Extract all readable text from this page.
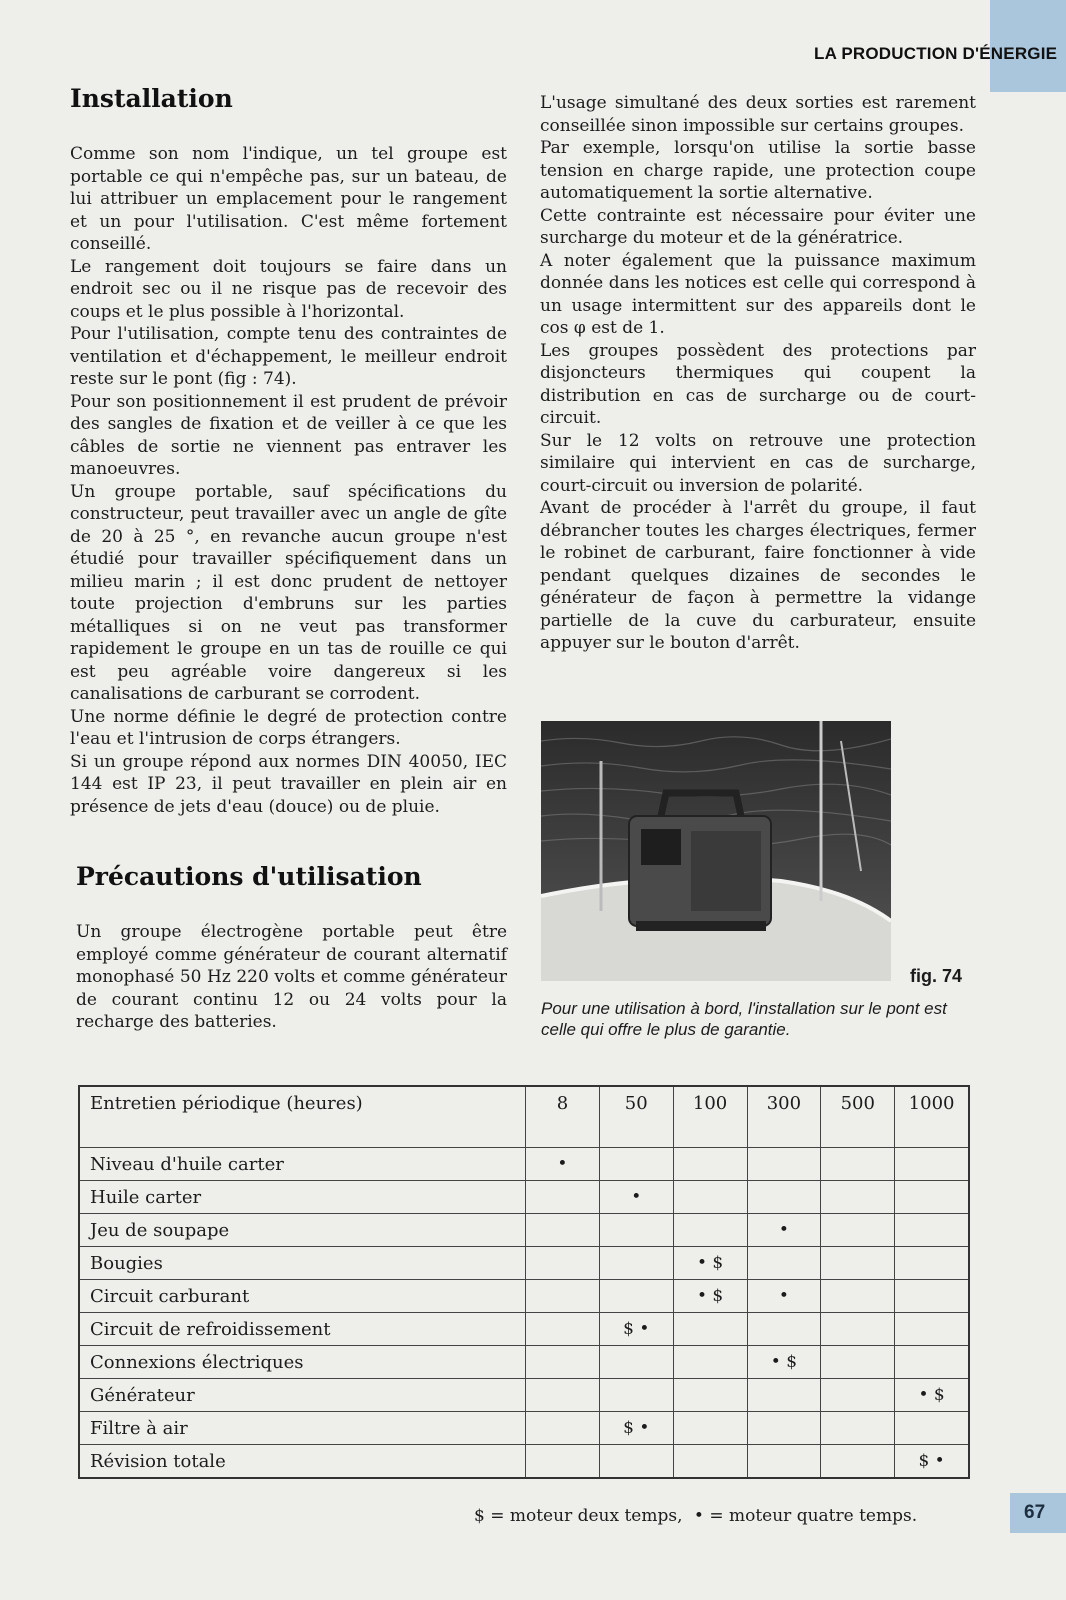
LA PRODUCTION D'ÉNERGIE
Installation

Comme son nom l'indique, un tel groupe est portable ce qui n'empêche pas, sur un bateau, de lui attribuer un emplacement pour le rangement et un pour l'utilisation. C'est même fortement conseillé.

Le rangement doit toujours se faire dans un endroit sec ou il ne risque pas de recevoir des coups et le plus possible à l'horizontal.

Pour l'utilisation, compte tenu des contraintes de ventilation et d'échappement, le meilleur endroit reste sur le pont (fig : 74).

Pour son positionnement il est prudent de prévoir des sangles de fixation et de veiller à ce que les câbles de sortie ne viennent pas entraver les manoeuvres.

Un groupe portable, sauf spécifications du constructeur, peut travailler avec un angle de gîte de 20 à 25 °, en revanche aucun groupe n'est étudié pour travailler spécifiquement dans un milieu marin ; il est donc prudent de nettoyer toute projection d'embruns sur les parties métalliques si on ne veut pas transformer rapidement le groupe en un tas de rouille ce qui est peu agréable voire dangereux si les canalisations de carburant se corrodent.

Une norme définie le degré de protection contre l'eau et l'intrusion de corps étrangers.

Si un groupe répond aux normes DIN 40050, IEC 144 est IP 23, il peut travailler en plein air en présence de jets d'eau (douce) ou de pluie.

Précautions d'utilisation

Un groupe électrogène portable peut être employé comme générateur de courant alternatif monophasé 50 Hz 220 volts et comme générateur de courant continu 12 ou 24 volts pour la recharge des batteries.

L'usage simultané des deux sorties est rarement conseillée sinon impossible sur certains groupes.

Par exemple, lorsqu'on utilise la sortie basse tension en charge rapide, une protection coupe automatiquement la sortie alternative.

Cette contrainte est nécessaire pour éviter une surcharge du moteur et de la génératrice.

A noter également que la puissance maximum donnée dans les notices est celle qui correspond à un usage intermittent sur des appareils dont le cos φ est de 1.

Les groupes possèdent des protections par disjoncteurs thermiques qui coupent la distribution en cas de surcharge ou de court-circuit.

Sur le 12 volts on retrouve une protection similaire qui intervient en cas de surcharge, court-circuit ou inversion de polarité.

Avant de procéder à l'arrêt du groupe, il faut débrancher toutes les charges électriques, fermer le robinet de carburant, faire fonctionner à vide pendant quelques dizaines de secondes le générateur de façon à permettre la vidange partielle de la cuve du carburateur, ensuite appuyer sur le bouton d'arrêt.

fig. 74
Pour une utilisation à bord, l'installation sur le pont est celle qui offre le plus de garantie.
Entretien périodique (heures)	8	50	100	300	500	1000
Niveau d'huile carter	•					
Huile carter		•				
Jeu de soupape				•		
Bougies			• $			
Circuit carburant			• $	•		
Circuit de refroidissement		$ •				
Connexions électriques				• $		
Générateur						• $
Filtre à air		$ •				
Révision totale						$ •
$ = moteur deux temps, • = moteur quatre temps.	67
